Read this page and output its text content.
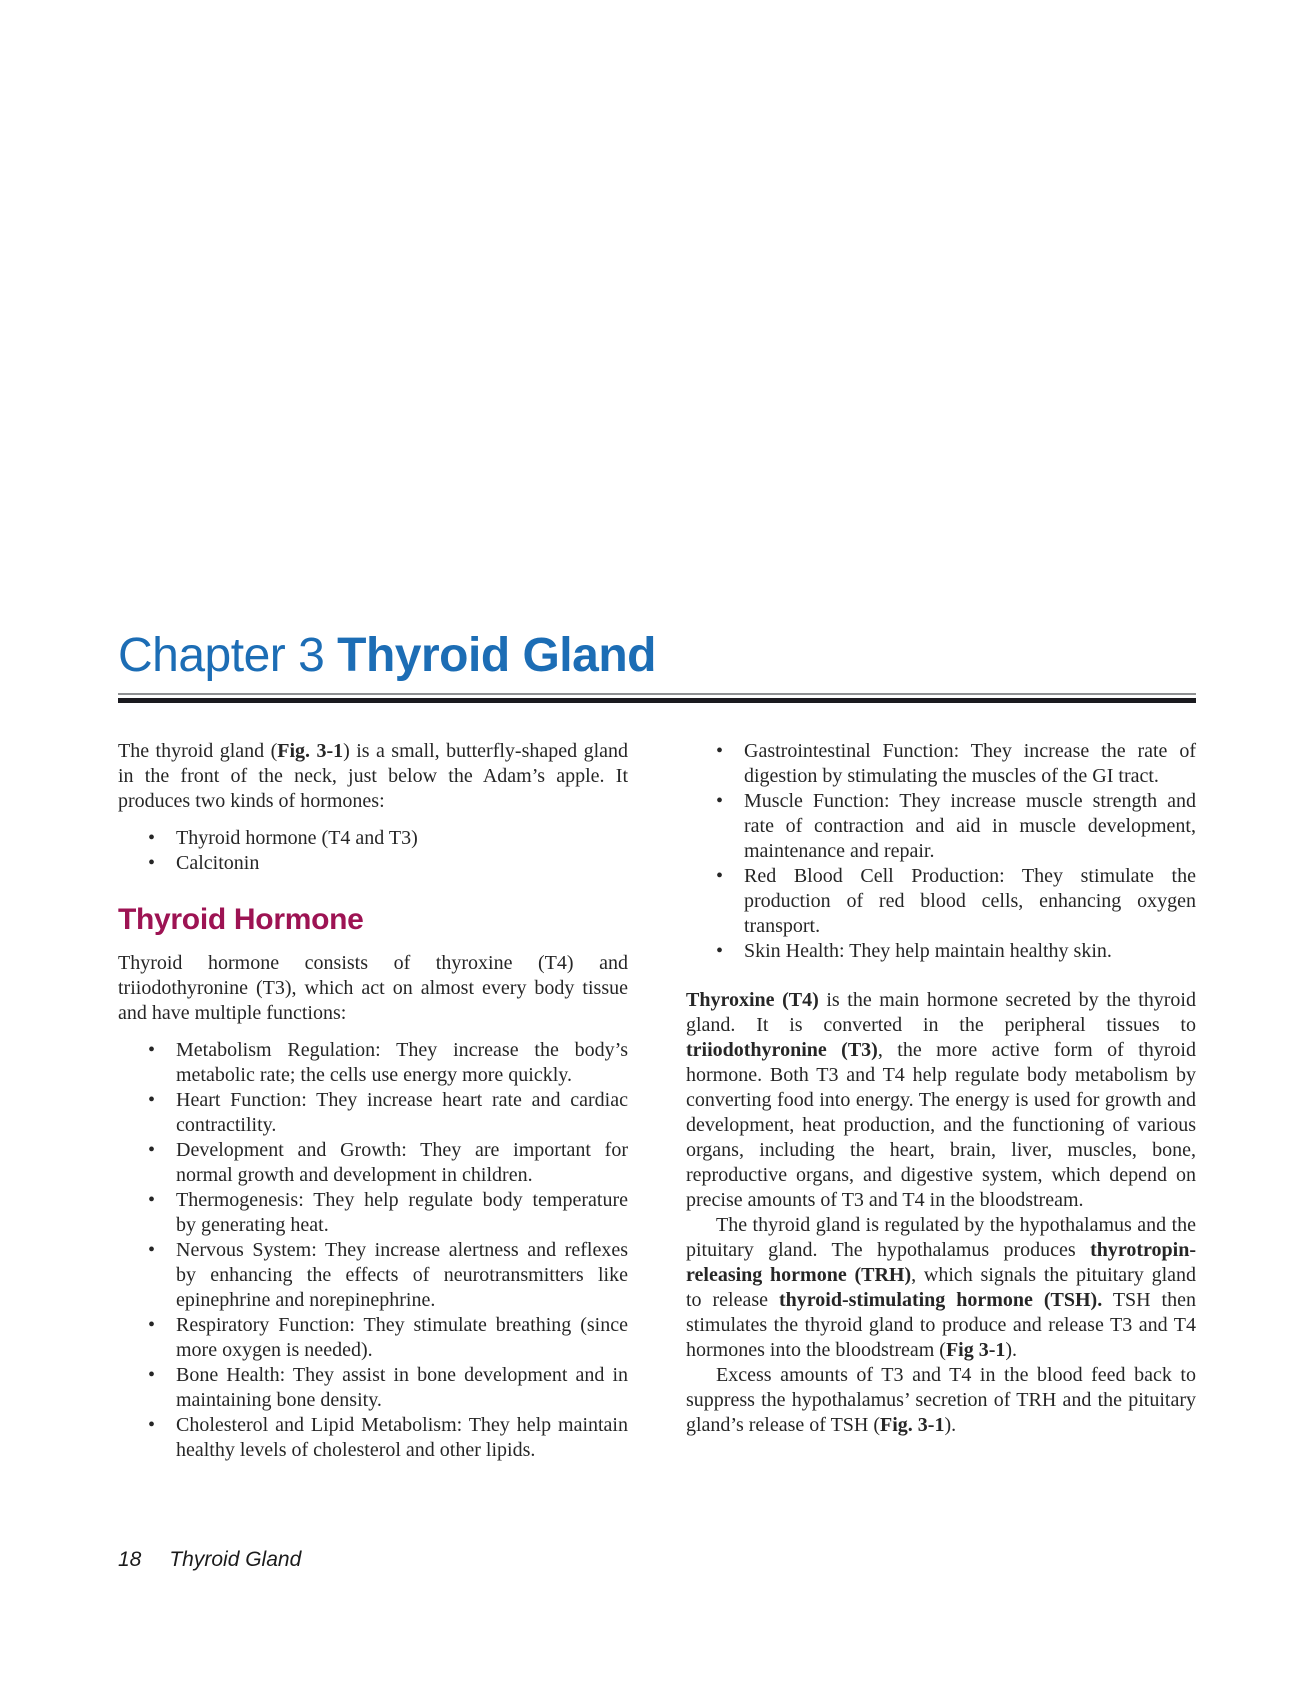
Chapter 3 Thyroid Gland

The thyroid gland (Fig. 3-1) is a small, butterfly-shaped gland in the front of the neck, just below the Adam’s apple. It produces two kinds of hormones:

• Thyroid hormone (T4 and T3)
• Calcitonin
Thyroid Hormone

Thyroid hormone consists of thyroxine (T4) and triiodothyronine (T3), which act on almost every body tissue and have multiple functions:

• Metabolism Regulation: They increase the body’s metabolic rate; the cells use energy more quickly.
• Heart Function: They increase heart rate and cardiac contractility.
• Development and Growth: They are important for normal growth and development in children.
• Thermogenesis: They help regulate body temperature by generating heat.
• Nervous System: They increase alertness and reflexes by enhancing the effects of neurotransmitters like epinephrine and norepinephrine.
• Respiratory Function: They stimulate breathing (since more oxygen is needed).
• Bone Health: They assist in bone development and in maintaining bone density.
• Cholesterol and Lipid Metabolism: They help maintain healthy levels of cholesterol and other lipids.
• Gastrointestinal Function: They increase the rate of digestion by stimulating the muscles of the GI tract.
• Muscle Function: They increase muscle strength and rate of contraction and aid in muscle development, maintenance and repair.
• Red Blood Cell Production: They stimulate the production of red blood cells, enhancing oxygen transport.
• Skin Health: They help maintain healthy skin.

Thyroxine (T4) is the main hormone secreted by the thyroid gland. It is converted in the peripheral tissues to triiodothyronine (T3), the more active form of thyroid hormone. Both T3 and T4 help regulate body metabolism by converting food into energy. The energy is used for growth and development, heat production, and the functioning of various organs, including the heart, brain, liver, muscles, bone, reproductive organs, and digestive system, which depend on precise amounts of T3 and T4 in the bloodstream.

The thyroid gland is regulated by the hypothalamus and the pituitary gland. The hypothalamus produces thyrotropin-releasing hormone (TRH), which signals the pituitary gland to release thyroid-stimulating hormone (TSH). TSH then stimulates the thyroid gland to produce and release T3 and T4 hormones into the bloodstream (Fig 3-1).

Excess amounts of T3 and T4 in the blood feed back to suppress the hypothalamus’ secretion of TRH and the pituitary gland’s release of TSH (Fig. 3-1).

18 Thyroid Gland
